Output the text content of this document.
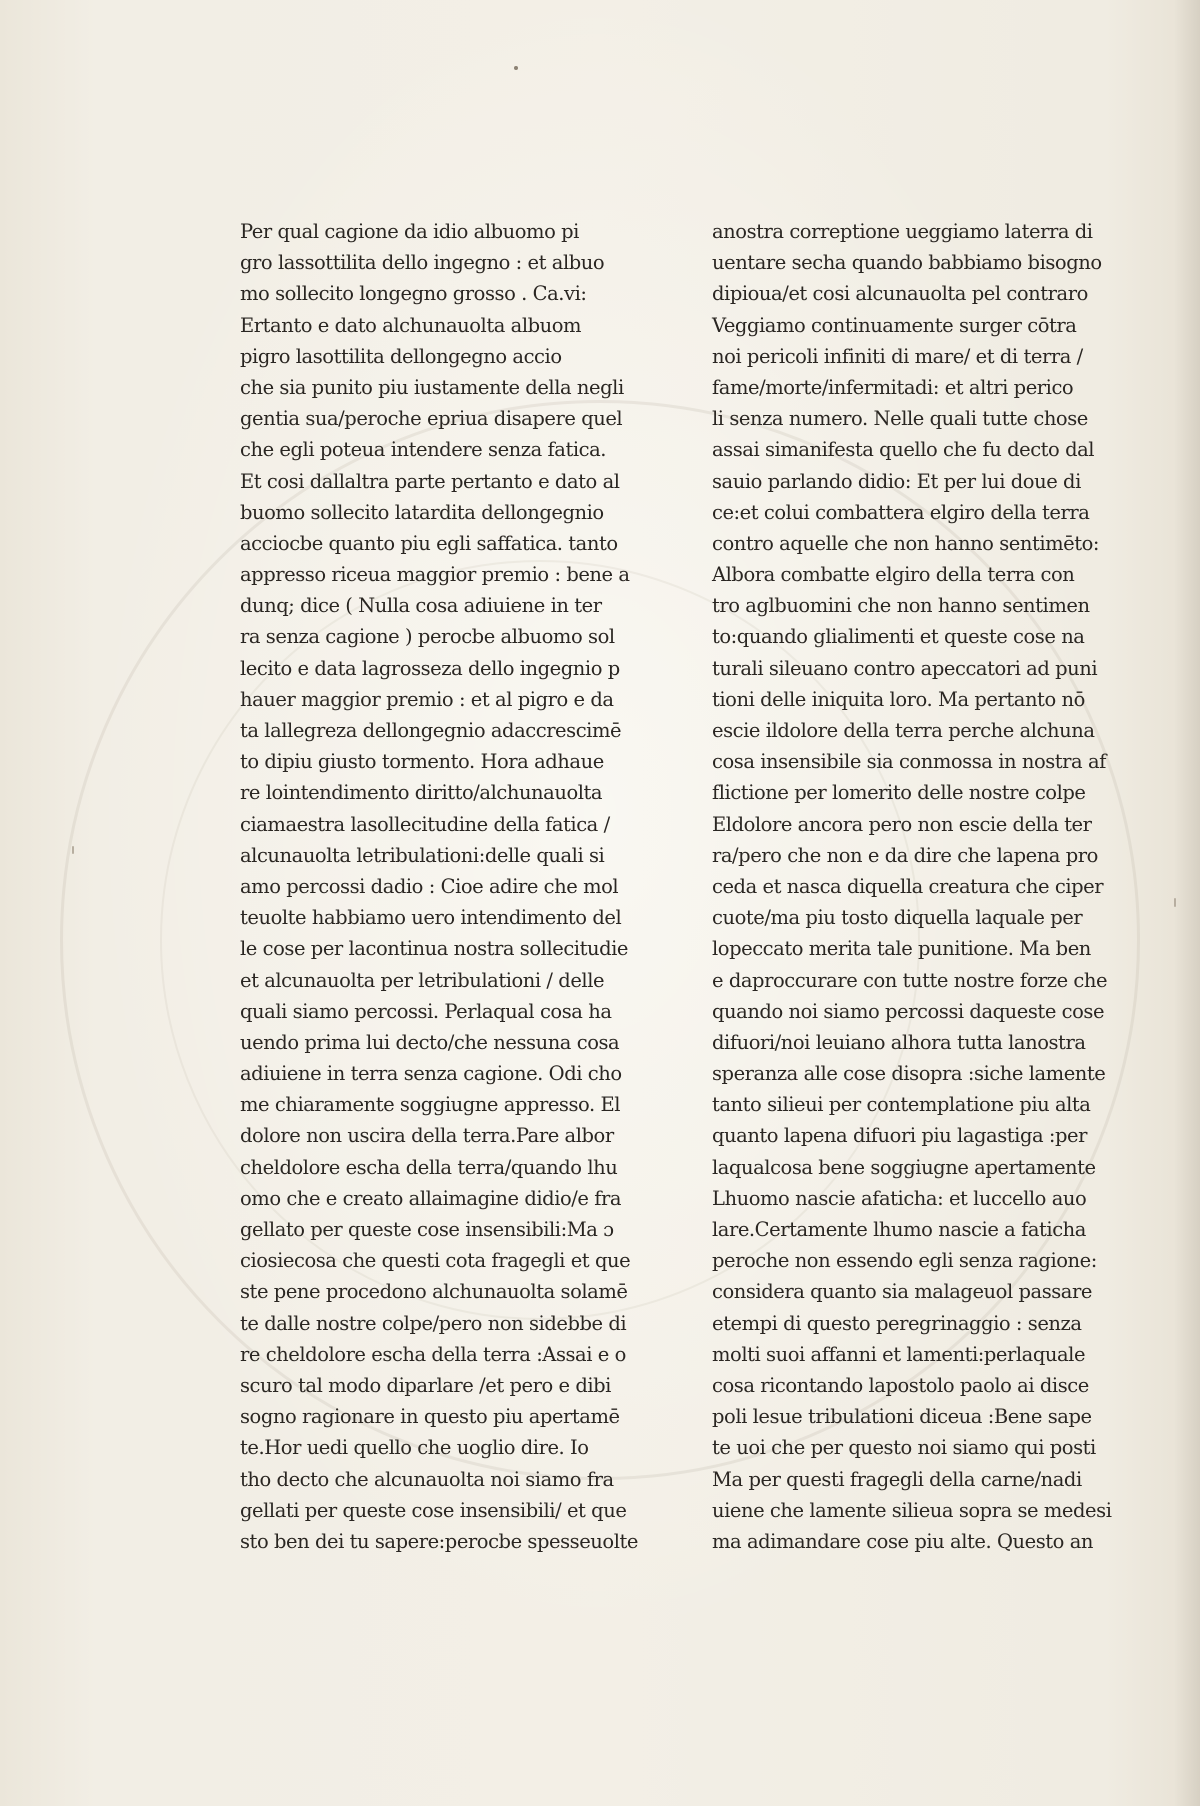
Per qual cagione da idio albuomo pi
gro lassottilita dello ingegno : et albuo
mo sollecito longegno grosso . Ca.vi:
Ertanto e dato alchunauolta albuom
pigro lasottilita dellongegno accio
che sia punito piu iustamente della negli
gentia sua/peroche epriua disapere quel
che egli poteua intendere senza fatica.
Et cosi dallaltra parte pertanto e dato al
buomo sollecito latardita dellongegnio
acciocbe quanto piu egli saffatica. tanto
appresso riceua maggior premio : bene a
dunq; dice ( Nulla cosa adiuiene in ter
ra senza cagione ) perocbe albuomo sol
lecito e data lagrosseza dello ingegnio p
hauer maggior premio : et al pigro e da
ta lallegreza dellongegnio adaccrescimē
to dipiu giusto tormento. Hora adhaue
re lointendimento diritto/alchunauolta
ciamaestra lasollecitudine della fatica /
alcunauolta letribulationi:delle quali si
amo percossi dadio : Cioe adire che mol
teuolte habbiamo uero intendimento del
le cose per lacontinua nostra sollecitudie
et alcunauolta per letribulationi / delle
quali siamo percossi. Perlaqual cosa ha
uendo prima lui decto/che nessuna cosa
adiuiene in terra senza cagione. Odi cho
me chiaramente soggiugne appresso. El
dolore non uscira della terra.Pare albor
cheldolore escha della terra/quando lhu
omo che e creato allaimagine didio/e fra
gellato per queste cose insensibili:Ma ɔ
ciosiecosa che questi cota fragegli et que
ste pene procedono alchunauolta solamē
te dalle nostre colpe/pero non sidebbe di
re cheldolore escha della terra :Assai e o
scuro tal modo diparlare /et pero e dibi
sogno ragionare in questo piu apertamē
te.Hor uedi quello che uoglio dire. Io
tho decto che alcunauolta noi siamo fra
gellati per queste cose insensibili/ et que
sto ben dei tu sapere:perocbe spesseuolte
anostra correptione ueggiamo laterra di
uentare secha quando babbiamo bisogno
dipioua/et cosi alcunauolta pel contraro
Veggiamo continuamente surger cōtra
noi pericoli infiniti di mare/ et di terra /
fame/morte/infermitadi: et altri perico
li senza numero. Nelle quali tutte chose
assai simanifesta quello che fu decto dal
sauio parlando didio: Et per lui doue di
ce:et colui combattera elgiro della terra
contro aquelle che non hanno sentimēto:
Albora combatte elgiro della terra con
tro aglbuomini che non hanno sentimen
to:quando glialimenti et queste cose na
turali sileuano contro apeccatori ad puni
tioni delle iniquita loro. Ma pertanto nō
escie ildolore della terra perche alchuna
cosa insensibile sia conmossa in nostra af
flictione per lomerito delle nostre colpe
Eldolore ancora pero non escie della ter
ra/pero che non e da dire che lapena pro
ceda et nasca diquella creatura che ciper
cuote/ma piu tosto diquella laquale per
lopeccato merita tale punitione. Ma ben
e daproccurare con tutte nostre forze che
quando noi siamo percossi daqueste cose
difuori/noi leuiano alhora tutta lanostra
speranza alle cose disopra :siche lamente
tanto silieui per contemplatione piu alta
quanto lapena difuori piu lagastiga :per
laqualcosa bene soggiugne apertamente
Lhuomo nascie afaticha: et luccello auo
lare.Certamente lhumo nascie a faticha
peroche non essendo egli senza ragione:
considera quanto sia malageuol passare
etempi di questo peregrinaggio : senza
molti suoi affanni et lamenti:perlaquale
cosa ricontando lapostolo paolo ai disce
poli lesue tribulationi diceua :Bene sape
te uoi che per questo noi siamo qui posti
Ma per questi fragegli della carne/nadi
uiene che lamente silieua sopra se medesi
ma adimandare cose piu alte. Questo an
